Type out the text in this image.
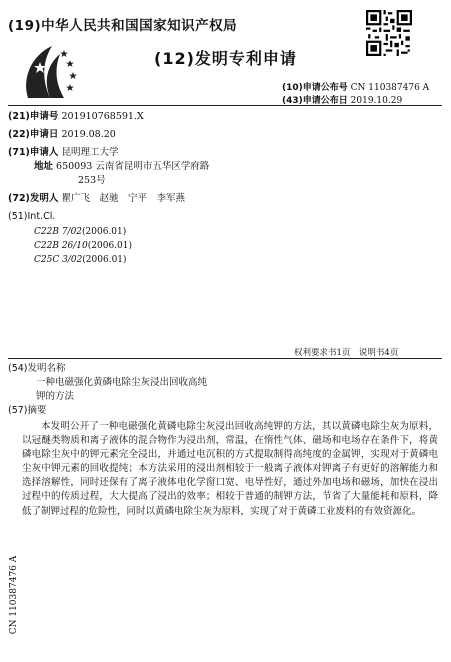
(19)中华人民共和国国家知识产权局
(12)发明专利申请
(10)申请公布号 CN 110387476 A
(43)申请公布日 2019.10.29
(21)申请号 201910768591.X
(22)申请日 2019.08.20
(71)申请人 昆明理工大学
地址 650093 云南省昆明市五华区学府路
253号
(72)发明人 瞿广飞　赵驰　宁平　李军燕
(51)Int.Cl.
C22B 7/02(2006.01)
C22B 26/10(2006.01)
C25C 3/02(2006.01)
权利要求书1页　说明书4页
(54)发明名称
一种电磁强化黄磷电除尘灰浸出回收高纯
钾的方法
(57)摘要
本发明公开了一种电磁强化黄磷电除尘灰浸出回收高纯钾的方法，其以黄磷电除尘灰为原料，以冠醚类物质和离子液体的混合物作为浸出剂，常温，在惰性气体、磁场和电场存在条件下，将黄磷电除尘灰中的钾元素完全浸出，并通过电沉积的方式提取制得高纯度的金属钾，实现对于黄磷电尘灰中钾元素的回收提纯；本方法采用的浸出剂相较于一般离子液体对钾离子有更好的溶解能力和选择溶解性，同时还保有了离子液体电化学窗口宽、电导性好，通过外加电场和磁场，加快在浸出过程中的传质过程，大大提高了浸出的效率；相较于普通的制钾方法，节省了大量能耗和原料，降低了制钾过程的危险性，同时以黄磷电除尘灰为原料，实现了对于黄磷工业废料的有效资源化。
CN 110387476 A
